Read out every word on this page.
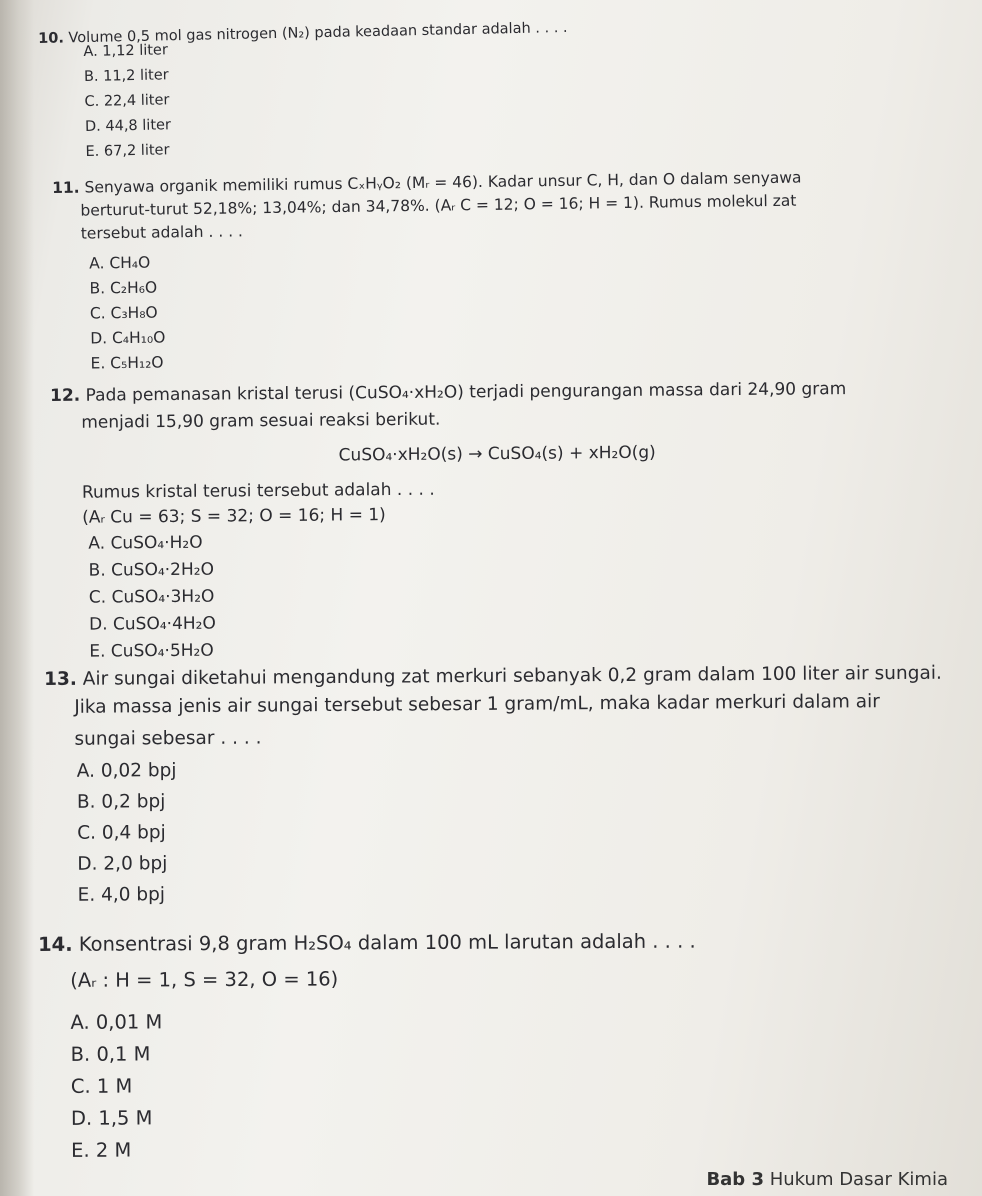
10. Volume 0,5 mol gas nitrogen (N₂) pada keadaan standar adalah . . . .
A. 1,12 liter
B. 11,2 liter
C. 22,4 liter
D. 44,8 liter
E. 67,2 liter
11. Senyawa organik memiliki rumus CₓHᵧO₂ (Mᵣ = 46). Kadar unsur C, H, dan O dalam senyawa
berturut-turut 52,18%; 13,04%; dan 34,78%. (Aᵣ C = 12; O = 16; H = 1). Rumus molekul zat
tersebut adalah . . . .
A. CH₄O
B. C₂H₆O
C. C₃H₈O
D. C₄H₁₀O
E. C₅H₁₂O
12. Pada pemanasan kristal terusi (CuSO₄·xH₂O) terjadi pengurangan massa dari 24,90 gram
menjadi 15,90 gram sesuai reaksi berikut.
CuSO₄·xH₂O(s) → CuSO₄(s) + xH₂O(g)
Rumus kristal terusi tersebut adalah . . . .
(Aᵣ Cu = 63; S = 32; O = 16; H = 1)
A. CuSO₄·H₂O
B. CuSO₄·2H₂O
C. CuSO₄·3H₂O
D. CuSO₄·4H₂O
E. CuSO₄·5H₂O
13. Air sungai diketahui mengandung zat merkuri sebanyak 0,2 gram dalam 100 liter air sungai.
Jika massa jenis air sungai tersebut sebesar 1 gram/mL, maka kadar merkuri dalam air
sungai sebesar . . . .
A. 0,02 bpj
B. 0,2 bpj
C. 0,4 bpj
D. 2,0 bpj
E. 4,0 bpj
14. Konsentrasi 9,8 gram H₂SO₄ dalam 100 mL larutan adalah . . . .
(Aᵣ : H = 1, S = 32, O = 16)
A. 0,01 M
B. 0,1 M
C. 1 M
D. 1,5 M
E. 2 M
Bab 3 Hukum Dasar Kimia
